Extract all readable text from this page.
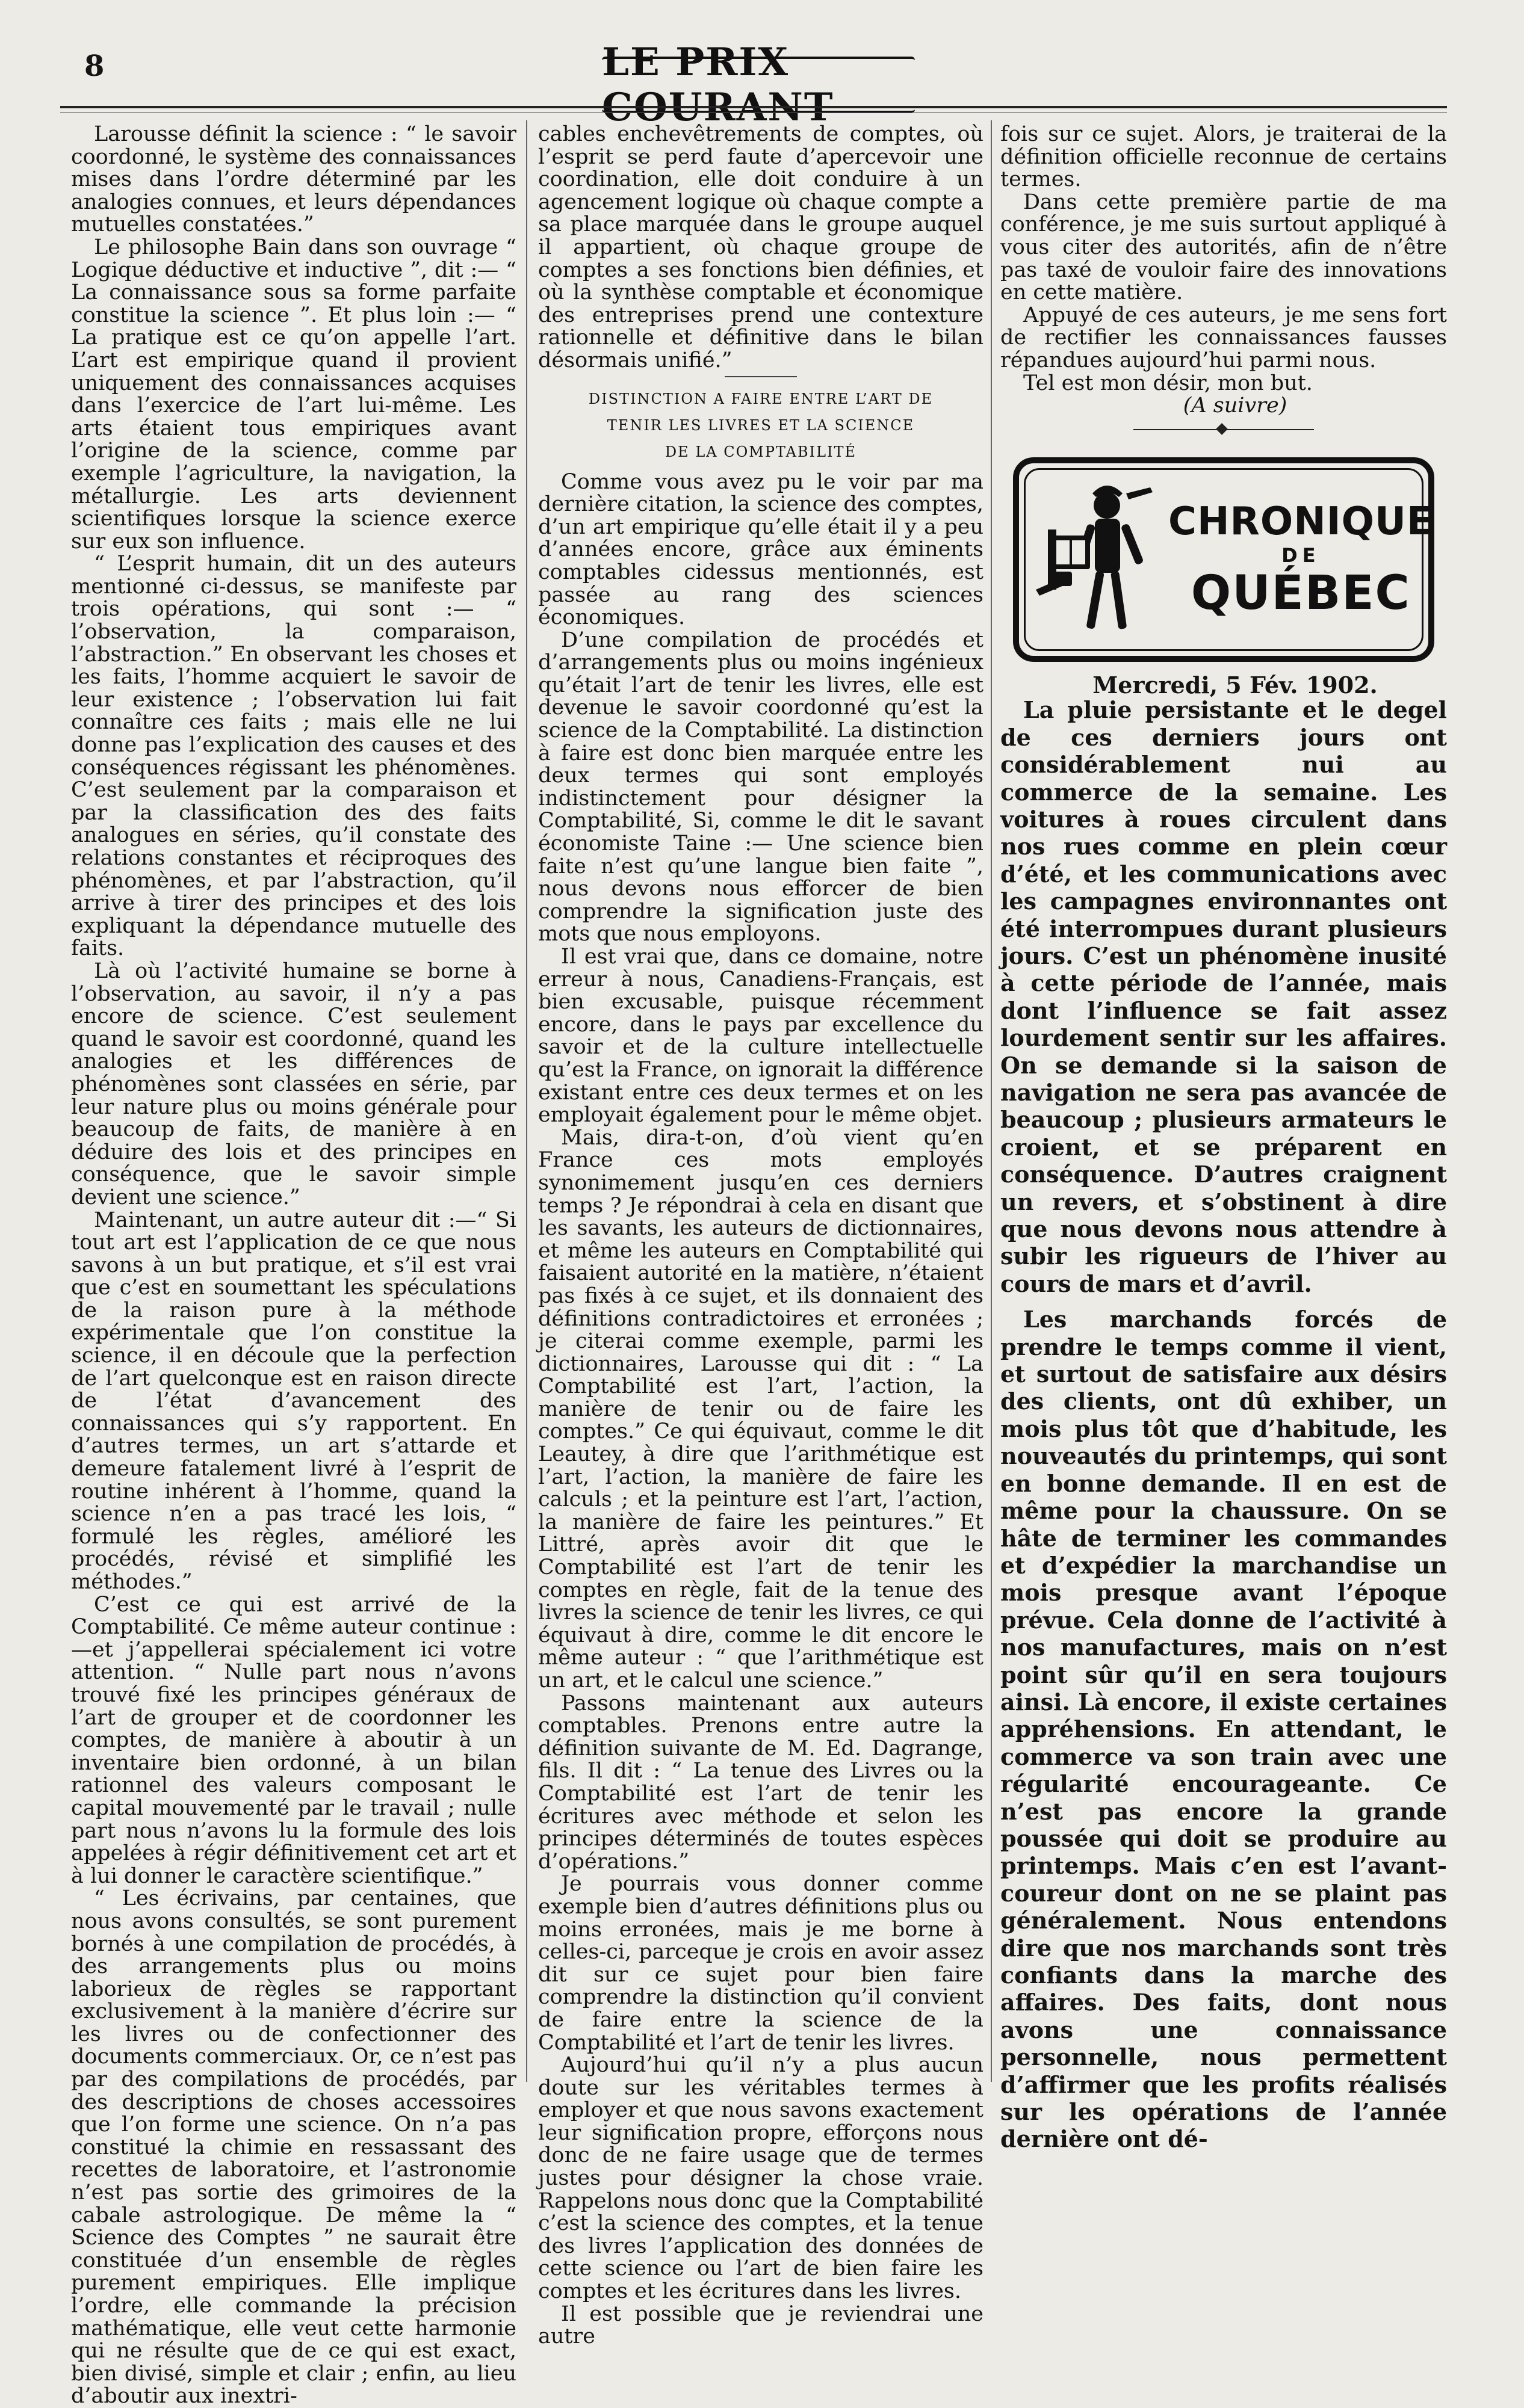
8	LE PRIX COURANT

Larousse définit la science : “ le savoir coordonné, le système des connaissances mises dans l’ordre déterminé par les analogies connues, et leurs dépendances mutuelles constatées.”

Le philosophe Bain dans son ouvrage “ Logique déductive et inductive ”, dit :— “ La connaissance sous sa forme parfaite constitue la science ”. Et plus loin :— “ La pratique est ce qu’on appelle l’art. L’art est empirique quand il provient uniquement des connaissances acquises dans l’exercice de l’art lui-même. Les arts étaient tous empiriques avant l’origine de la science, comme par exemple l’agriculture, la navigation, la métallurgie. Les arts deviennent scientifiques lorsque la science exerce sur eux son influence.

“ L’esprit humain, dit un des auteurs mentionné ci-dessus, se manifeste par trois opérations, qui sont :— “ l’observation, la comparaison, l’abstraction.” En observant les choses et les faits, l’homme acquiert le savoir de leur existence ; l’observation lui fait connaître ces faits ; mais elle ne lui donne pas l’explication des causes et des conséquences régissant les phénomènes. C’est seulement par la comparaison et par la classification des des faits analogues en séries, qu’il constate des relations constantes et réciproques des phénomènes, et par l’abstraction, qu’il arrive à tirer des principes et des lois expliquant la dépendance mutuelle des faits.

Là où l’activité humaine se borne à l’observation, au savoir, il n’y a pas encore de science. C’est seulement quand le savoir est coordonné, quand les analogies et les différences de phénomènes sont classées en série, par leur nature plus ou moins générale pour beaucoup de faits, de manière à en déduire des lois et des principes en conséquence, que le savoir simple devient une science.”

Maintenant, un autre auteur dit :—“ Si tout art est l’application de ce que nous savons à un but pratique, et s’il est vrai que c’est en soumettant les spéculations de la raison pure à la méthode expérimentale que l’on constitue la science, il en découle que la perfection de l’art quelconque est en raison directe de l’état d’avancement des connaissances qui s’y rapportent. En d’autres termes, un art s’attarde et demeure fatalement livré à l’esprit de routine inhérent à l’homme, quand la science n’en a pas tracé les lois, “ formulé les règles, amélioré les procédés, révisé et simplifié les méthodes.”

C’est ce qui est arrivé de la Comptabilité. Ce même auteur continue :—et j’appellerai spécialement ici votre attention. “ Nulle part nous n’avons trouvé fixé les principes généraux de l’art de grouper et de coordonner les comptes, de manière à aboutir à un inventaire bien ordonné, à un bilan rationnel des valeurs composant le capital mouvementé par le travail ; nulle part nous n’avons lu la formule des lois appelées à régir définitivement cet art et à lui donner le caractère scientifique.”

“ Les écrivains, par centaines, que nous avons consultés, se sont purement bornés à une compilation de procédés, à des arrangements plus ou moins laborieux de règles se rapportant exclusivement à la manière d’écrire sur les livres ou de confectionner des documents commerciaux. Or, ce n’est pas par des compilations de procédés, par des descriptions de choses accessoires que l’on forme une science. On n’a pas constitué la chimie en ressassant des recettes de laboratoire, et l’astronomie n’est pas sortie des grimoires de la cabale astrologique. De même la “ Science des Comptes ” ne saurait être constituée d’un ensemble de règles purement empiriques. Elle implique l’ordre, elle commande la précision mathématique, elle veut cette harmonie qui ne résulte que de ce qui est exact, bien divisé, simple et clair ; enfin, au lieu d’aboutir aux inextri-

cables enchevêtrements de comptes, où l’esprit se perd faute d’apercevoir une coordination, elle doit conduire à un agencement logique où chaque compte a sa place marquée dans le groupe auquel il appartient, où chaque groupe de comptes a ses fonctions bien définies, et où la synthèse comptable et économique des entreprises prend une contexture rationnelle et définitive dans le bilan désormais unifié.”

DISTINCTION A FAIRE ENTRE L’ART DE
TENIR LES LIVRES ET LA SCIENCE
DE LA COMPTABILITÉ

Comme vous avez pu le voir par ma dernière citation, la science des comptes, d’un art empirique qu’elle était il y a peu d’années encore, grâce aux éminents comptables cidessus mentionnés, est passée au rang des sciences économiques.

D’une compilation de procédés et d’arrangements plus ou moins ingénieux qu’était l’art de tenir les livres, elle est devenue le savoir coordonné qu’est la science de la Comptabilité. La distinction à faire est donc bien marquée entre les deux termes qui sont employés indistinctement pour désigner la Comptabilité, Si, comme le dit le savant économiste Taine :— Une science bien faite n’est qu’une langue bien faite ”, nous devons nous efforcer de bien comprendre la signification juste des mots que nous employons.

Il est vrai que, dans ce domaine, notre erreur à nous, Canadiens-Français, est bien excusable, puisque récemment encore, dans le pays par excellence du savoir et de la culture intellectuelle qu’est la France, on ignorait la différence existant entre ces deux termes et on les employait également pour le même objet.

Mais, dira-t-on, d’où vient qu’en France ces mots employés synonimement jusqu’en ces derniers temps ? Je répondrai à cela en disant que les savants, les auteurs de dictionnaires, et même les auteurs en Comptabilité qui faisaient autorité en la matière, n’étaient pas fixés à ce sujet, et ils donnaient des définitions contradictoires et erronées ; je citerai comme exemple, parmi les dictionnaires, Larousse qui dit : “ La Comptabilité est l’art, l’action, la manière de tenir ou de faire les comptes.” Ce qui équivaut, comme le dit Leautey, à dire que l’arithmétique est l’art, l’action, la manière de faire les calculs ; et la peinture est l’art, l’action, la manière de faire les peintures.” Et Littré, après avoir dit que le Comptabilité est l’art de tenir les comptes en règle, fait de la tenue des livres la science de tenir les livres, ce qui équivaut à dire, comme le dit encore le même auteur : “ que l’arithmétique est un art, et le calcul une science.”

Passons maintenant aux auteurs comptables. Prenons entre autre la définition suivante de M. Ed. Dagrange, fils. Il dit : “ La tenue des Livres ou la Comptabilité est l’art de tenir les écritures avec méthode et selon les principes déterminés de toutes espèces d’opérations.”

Je pourrais vous donner comme exemple bien d’autres définitions plus ou moins erronées, mais je me borne à celles-ci, parceque je crois en avoir assez dit sur ce sujet pour bien faire comprendre la distinction qu’il convient de faire entre la science de la Comptabilité et l’art de tenir les livres.

Aujourd’hui qu’il n’y a plus aucun doute sur les véritables termes à employer et que nous savons exactement leur signification propre, efforçons nous donc de ne faire usage que de termes justes pour désigner la chose vraie. Rappelons nous donc que la Comptabilité c’est la science des comptes, et la tenue des livres l’application des données de cette science ou l’art de bien faire les comptes et les écritures dans les livres.

Il est possible que je reviendrai une autre

fois sur ce sujet. Alors, je traiterai de la définition officielle reconnue de certains termes.

Dans cette première partie de ma conférence, je me suis surtout appliqué à vous citer des autorités, afin de n’être pas taxé de vouloir faire des innovations en cette matière.

Appuyé de ces auteurs, je me sens fort de rectifier les connaissances fausses répandues aujourd’hui parmi nous.

Tel est mon désir, mon but.

(A suivre)

CHRONIQUE
DE
QUÉBEC

Mercredi, 5 Fév. 1902.

La pluie persistante et le degel de ces derniers jours ont considérablement nui au commerce de la semaine. Les voitures à roues circulent dans nos rues comme en plein cœur d’été, et les communications avec les campagnes environnantes ont été interrompues durant plusieurs jours. C’est un phénomène inusité à cette période de l’année, mais dont l’influence se fait assez lourdement sentir sur les affaires. On se demande si la saison de navigation ne sera pas avancée de beaucoup ; plusieurs armateurs le croient, et se préparent en conséquence. D’autres craignent un revers, et s’obstinent à dire que nous devons nous attendre à subir les rigueurs de l’hiver au cours de mars et d’avril.

Les marchands forcés de prendre le temps comme il vient, et surtout de satisfaire aux désirs des clients, ont dû exhiber, un mois plus tôt que d’habitude, les nouveautés du printemps, qui sont en bonne demande. Il en est de même pour la chaussure. On se hâte de terminer les commandes et d’expédier la marchandise un mois presque avant l’époque prévue. Cela donne de l’activité à nos manufactures, mais on n’est point sûr qu’il en sera toujours ainsi. Là encore, il existe certaines appréhensions. En attendant, le commerce va son train avec une régularité encourageante. Ce n’est pas encore la grande poussée qui doit se produire au printemps. Mais c’en est l’avant-coureur dont on ne se plaint pas généralement. Nous entendons dire que nos marchands sont très confiants dans la marche des affaires. Des faits, dont nous avons une connaissance personnelle, nous permettent d’affirmer que les profits réalisés sur les opérations de l’année dernière ont dé-
